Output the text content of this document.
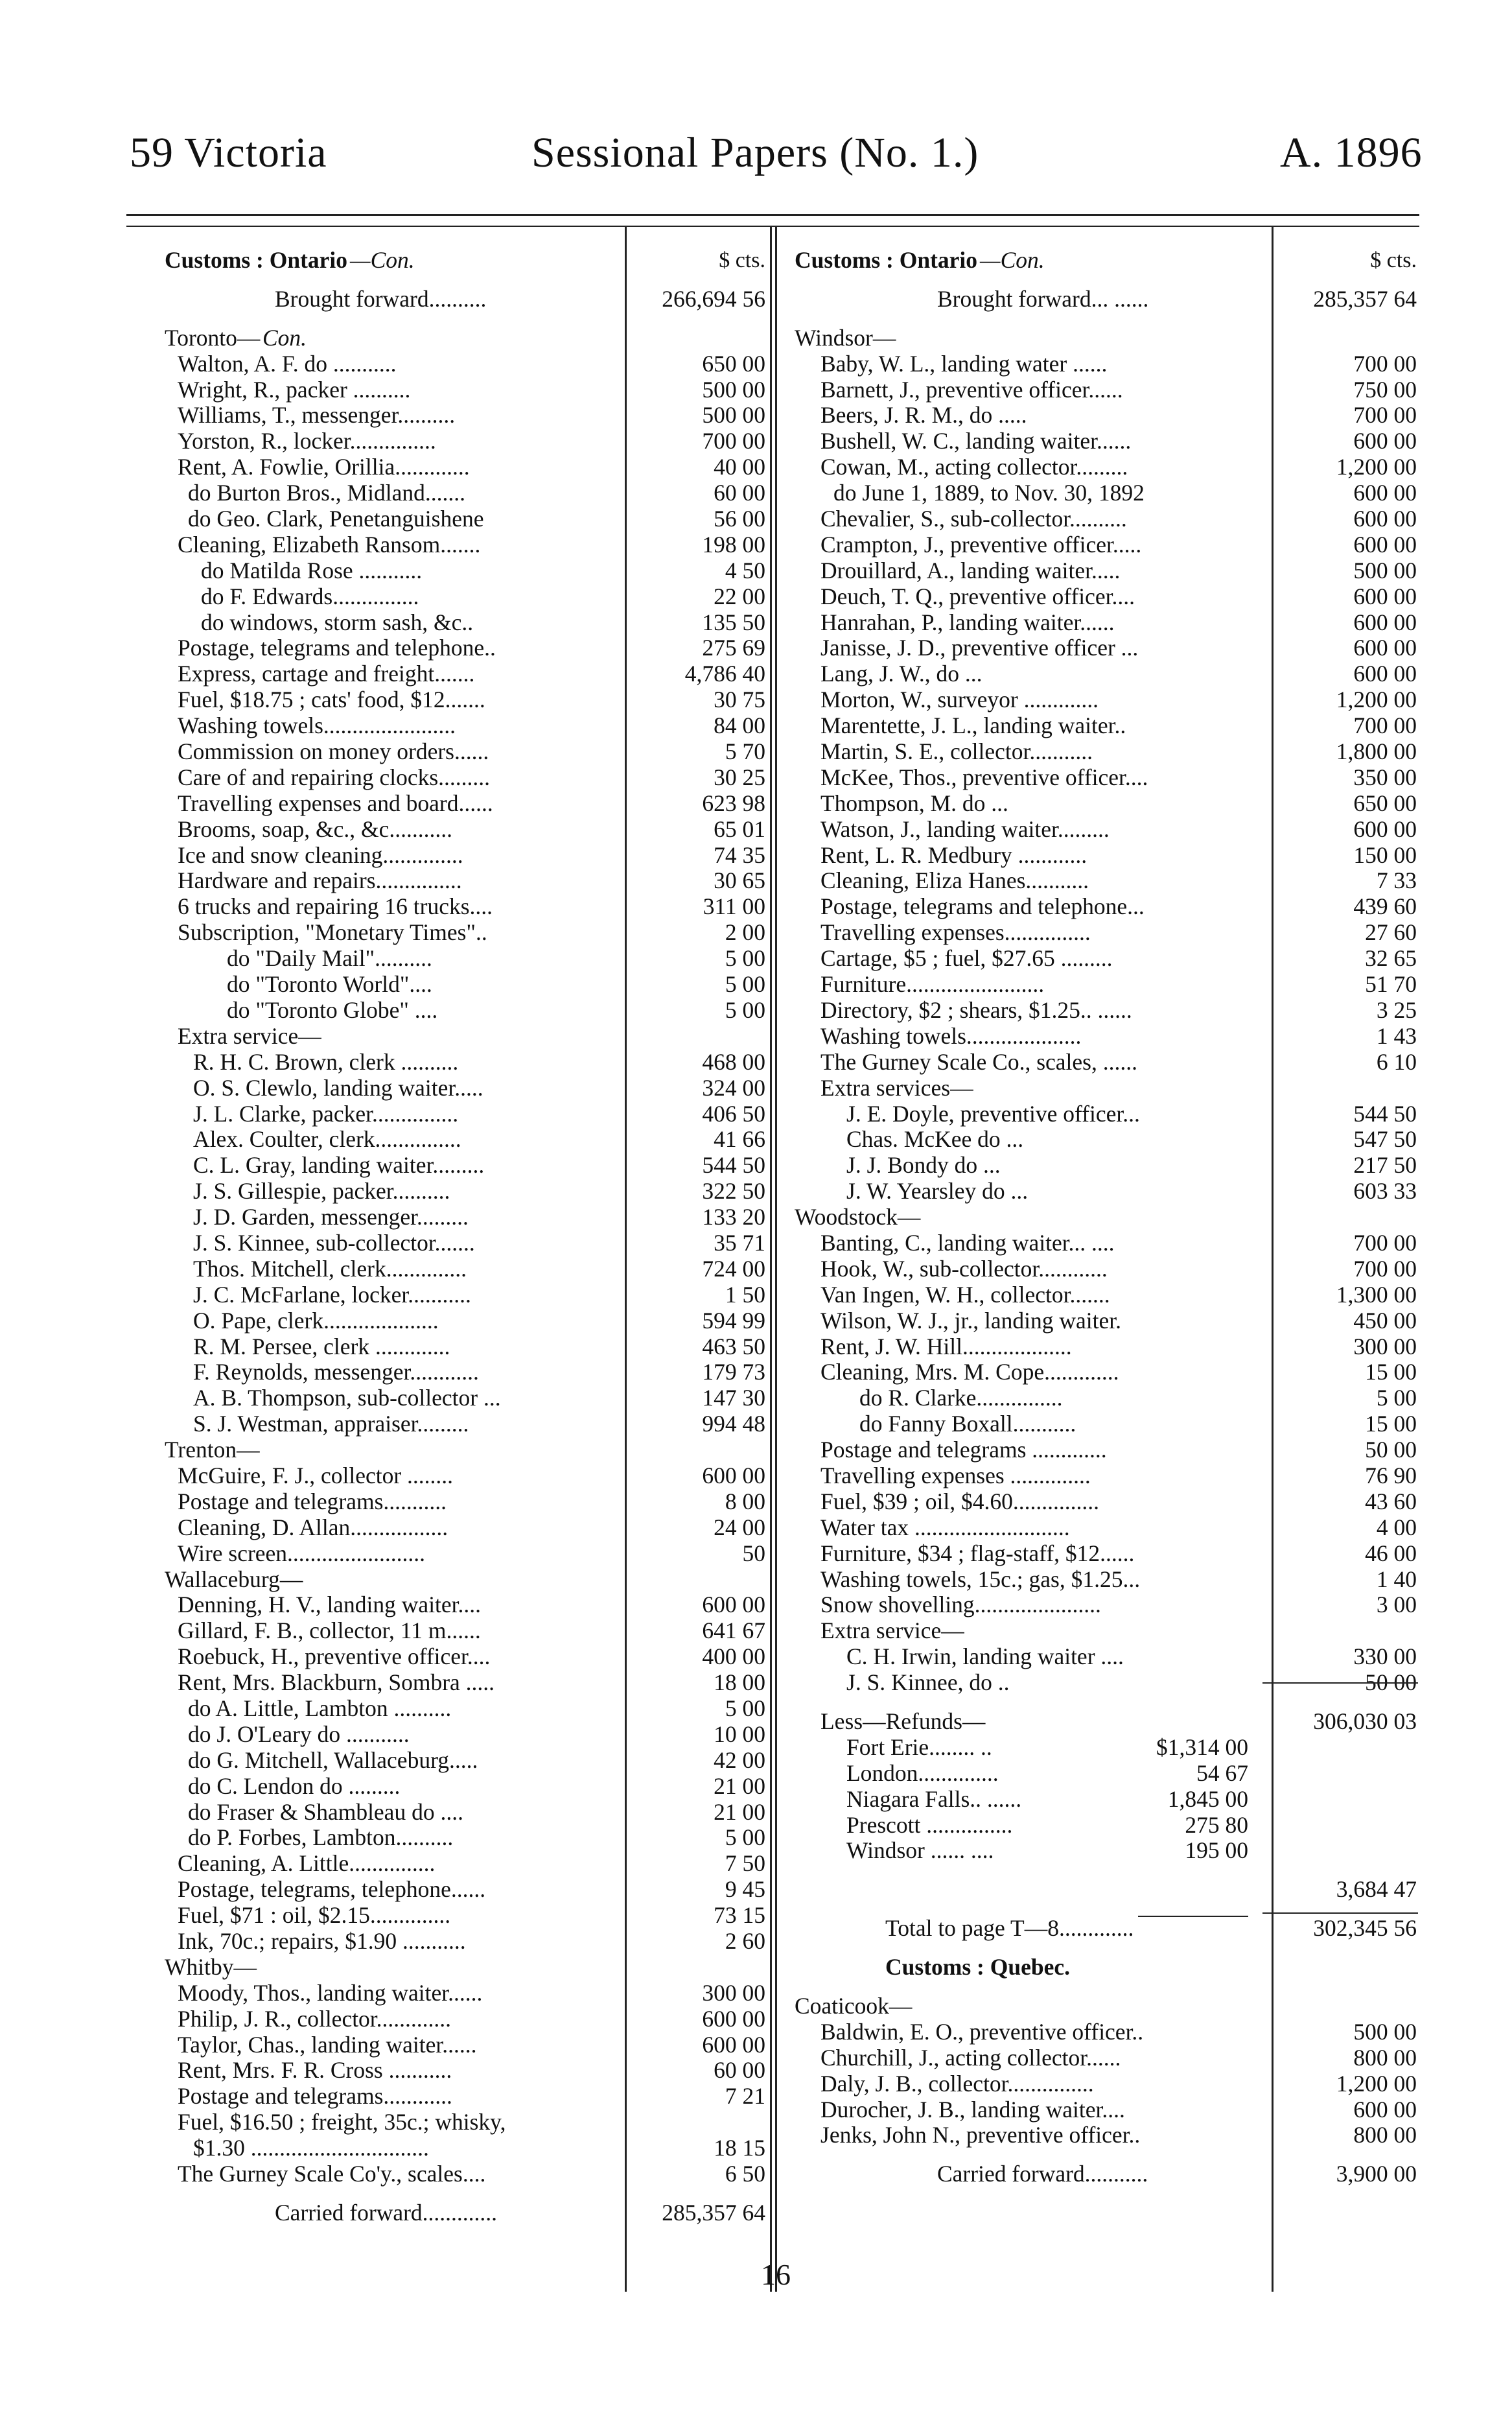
59 Victoria	Sessional Papers (No. 1.)	A. 1896
Customs : Ontario —Con.	$ cts.
Brought forward..........	266,694 56
Toronto— Con.
Walton, A. F. do ...........	650 00
Wright, R., packer ..........	500 00
Williams, T., messenger..........	500 00
Yorston, R., locker...............	700 00
Rent, A. Fowlie, Orillia.............	40 00
do Burton Bros., Midland.......	60 00
do Geo. Clark, Penetanguishene	56 00
Cleaning, Elizabeth Ransom.......	198 00
do Matilda Rose ...........	4 50
do F. Edwards...............	22 00
do windows, storm sash, &c..	135 50
Postage, telegrams and telephone..	275 69
Express, cartage and freight.......	4,786 40
Fuel, $18.75 ; cats' food, $12.......	30 75
Washing towels.......................	84 00
Commission on money orders......	5 70
Care of and repairing clocks.........	30 25
Travelling expenses and board......	623 98
Brooms, soap, &c., &c...........	65 01
Ice and snow cleaning..............	74 35
Hardware and repairs...............	30 65
6 trucks and repairing 16 trucks....	311 00
Subscription, "Monetary Times"..	2 00
do "Daily Mail"..........	5 00
do "Toronto World"....	5 00
do "Toronto Globe" ....	5 00
Extra service—
R. H. C. Brown, clerk ..........	468 00
O. S. Clewlo, landing waiter.....	324 00
J. L. Clarke, packer...............	406 50
Alex. Coulter, clerk...............	41 66
C. L. Gray, landing waiter.........	544 50
J. S. Gillespie, packer..........	322 50
J. D. Garden, messenger.........	133 20
J. S. Kinnee, sub-collector.......	35 71
Thos. Mitchell, clerk..............	724 00
J. C. McFarlane, locker...........	1 50
O. Pape, clerk....................	594 99
R. M. Persee, clerk .............	463 50
F. Reynolds, messenger............	179 73
A. B. Thompson, sub-collector ...	147 30
S. J. Westman, appraiser.........	994 48
Trenton—
McGuire, F. J., collector ........	600 00
Postage and telegrams...........	8 00
Cleaning, D. Allan.................	24 00
Wire screen........................	50
Wallaceburg—
Denning, H. V., landing waiter....	600 00
Gillard, F. B., collector, 11 m......	641 67
Roebuck, H., preventive officer....	400 00
Rent, Mrs. Blackburn, Sombra .....	18 00
do A. Little, Lambton ..........	5 00
do J. O'Leary do ...........	10 00
do G. Mitchell, Wallaceburg.....	42 00
do C. Lendon do .........	21 00
do Fraser & Shambleau do ....	21 00
do P. Forbes, Lambton..........	5 00
Cleaning, A. Little...............	7 50
Postage, telegrams, telephone......	9 45
Fuel, $71 : oil, $2.15..............	73 15
Ink, 70c.; repairs, $1.90 ...........	2 60
Whitby—
Moody, Thos., landing waiter......	300 00
Philip, J. R., collector.............	600 00
Taylor, Chas., landing waiter......	600 00
Rent, Mrs. F. R. Cross ...........	60 00
Postage and telegrams............	7 21
Fuel, $16.50 ; freight, 35c.; whisky,
$1.30 ...............................	18 15
The Gurney Scale Co'y., scales....	6 50
Carried forward.............	285,357 64
Customs : Ontario —Con.	$ cts.
Brought forward... ......	285,357 64
Windsor—
Baby, W. L., landing water ......	700 00
Barnett, J., preventive officer......	750 00
Beers, J. R. M., do .....	700 00
Bushell, W. C., landing waiter......	600 00
Cowan, M., acting collector.........	1,200 00
do June 1, 1889, to Nov. 30, 1892	600 00
Chevalier, S., sub-collector..........	600 00
Crampton, J., preventive officer.....	600 00
Drouillard, A., landing waiter.....	500 00
Deuch, T. Q., preventive officer....	600 00
Hanrahan, P., landing waiter......	600 00
Janisse, J. D., preventive officer ...	600 00
Lang, J. W., do ...	600 00
Morton, W., surveyor .............	1,200 00
Marentette, J. L., landing waiter..	700 00
Martin, S. E., collector...........	1,800 00
McKee, Thos., preventive officer....	350 00
Thompson, M. do ...	650 00
Watson, J., landing waiter.........	600 00
Rent, L. R. Medbury ............	150 00
Cleaning, Eliza Hanes...........	7 33
Postage, telegrams and telephone...	439 60
Travelling expenses...............	27 60
Cartage, $5 ; fuel, $27.65 .........	32 65
Furniture........................	51 70
Directory, $2 ; shears, $1.25.. ......	3 25
Washing towels....................	1 43
The Gurney Scale Co., scales, ......	6 10
Extra services—
J. E. Doyle, preventive officer...	544 50
Chas. McKee do ...	547 50
J. J. Bondy do ...	217 50
J. W. Yearsley do ...	603 33
Woodstock—
Banting, C., landing waiter... ....	700 00
Hook, W., sub-collector............	700 00
Van Ingen, W. H., collector.......	1,300 00
Wilson, W. J., jr., landing waiter.	450 00
Rent, J. W. Hill...................	300 00
Cleaning, Mrs. M. Cope.............	15 00
do R. Clarke...............	5 00
do Fanny Boxall...........	15 00
Postage and telegrams .............	50 00
Travelling expenses ..............	76 90
Fuel, $39 ; oil, $4.60...............	43 60
Water tax ...........................	4 00
Furniture, $34 ; flag-staff, $12......	46 00
Washing towels, 15c.; gas, $1.25...	1 40
Snow shovelling......................	3 00
Extra service—
C. H. Irwin, landing waiter ....	330 00
J. S. Kinnee, do ..	50 00
Less—Refunds—	306,030 03
Fort Erie........ ..	$1,314 00
London..............	54 67
Niagara Falls.. ......	1,845 00
Prescott ...............	275 80
Windsor ...... ....	195 00
3,684 47
Total to page T—8.............	302,345 56
Customs : Quebec.
Coaticook—
Baldwin, E. O., preventive officer..	500 00
Churchill, J., acting collector......	800 00
Daly, J. B., collector...............	1,200 00
Durocher, J. B., landing waiter....	600 00
Jenks, John N., preventive officer..	800 00
Carried forward...........	3,900 00
16
